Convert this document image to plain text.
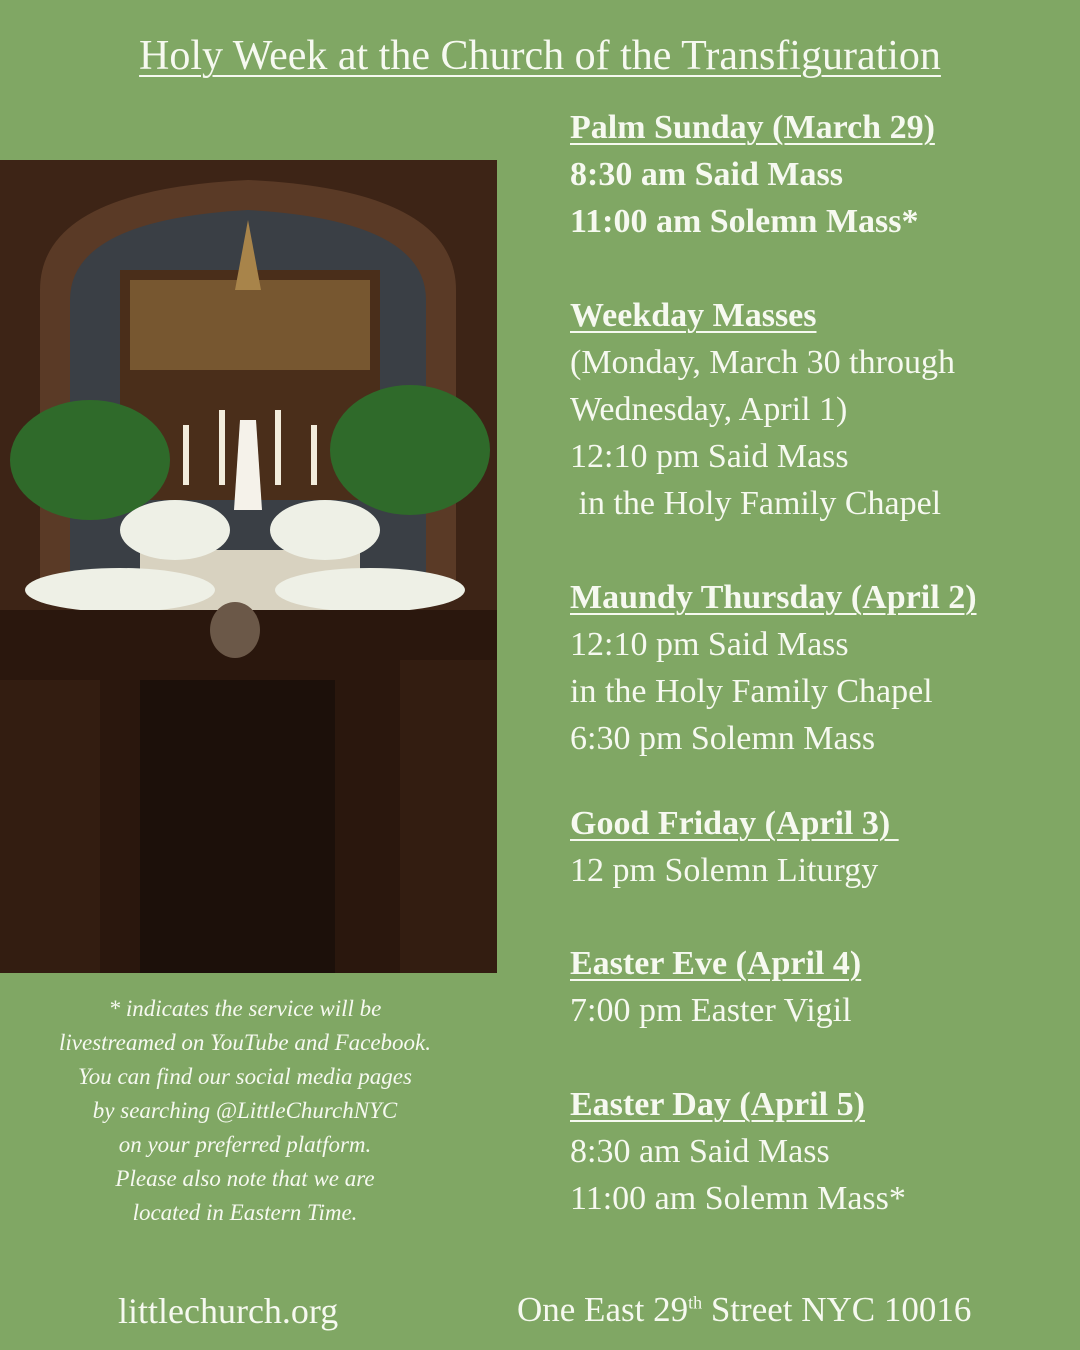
Holy Week at the Church of the Transfiguration
Palm Sunday (March 29)
8:30 am Said Mass
11:00 am Solemn Mass*
Weekday Masses
(Monday, March 30 through
Wednesday, April 1)
12:10 pm Said Mass
in the Holy Family Chapel
Maundy Thursday (April 2)
12:10 pm Said Mass
in the Holy Family Chapel
6:30 pm Solemn Mass
Good Friday (April 3)
12 pm Solemn Liturgy
Easter Eve (April 4)
7:00 pm Easter Vigil
Easter Day (April 5)
8:30 am Said Mass
11:00 am Solemn Mass*
* indicates the service will be
livestreamed on YouTube and Facebook.
You can find our social media pages
by searching @LittleChurchNYC
on your preferred platform.
Please also note that we are
located in Eastern Time.
littlechurch.org	One East 29th Street NYC 10016
